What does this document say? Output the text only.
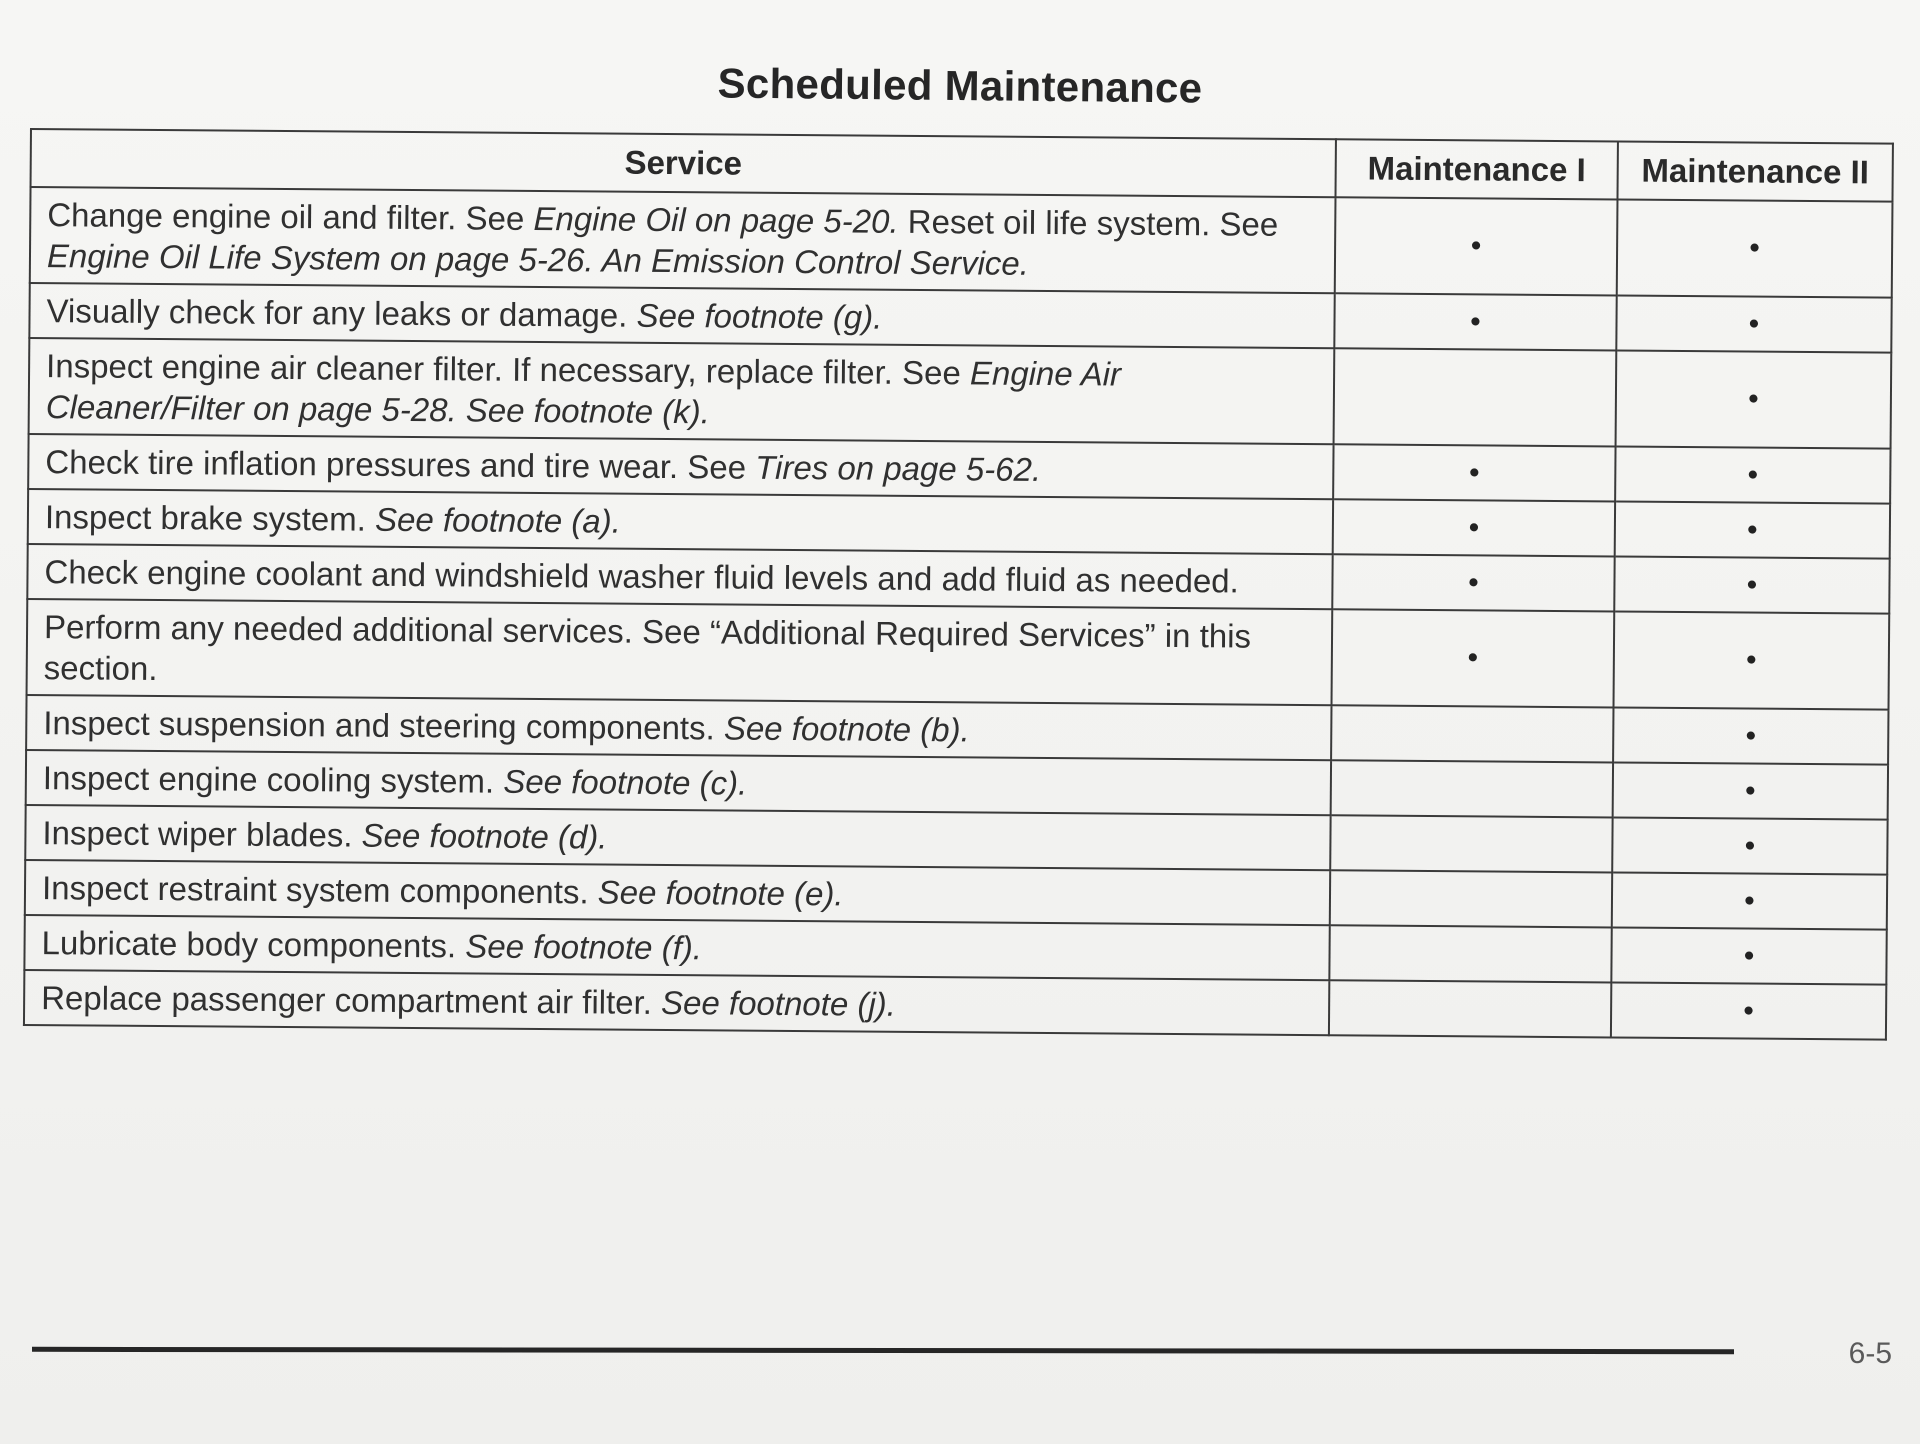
Scheduled Maintenance
Service	Maintenance I	Maintenance II
Change engine oil and filter. See Engine Oil on page 5-20. Reset oil life system. See Engine Oil Life System on page 5-26. An Emission Control Service.	•	•
Visually check for any leaks or damage. See footnote (g).	•	•
Inspect engine air cleaner filter. If necessary, replace filter. See Engine Air Cleaner/Filter on page 5-28. See footnote (k).		•
Check tire inflation pressures and tire wear. See Tires on page 5-62.	•	•
Inspect brake system. See footnote (a).	•	•
Check engine coolant and windshield washer fluid levels and add fluid as needed.	•	•
Perform any needed additional services. See “Additional Required Services” in this section.	•	•
Inspect suspension and steering components. See footnote (b).		•
Inspect engine cooling system. See footnote (c).		•
Inspect wiper blades. See footnote (d).		•
Inspect restraint system components. See footnote (e).		•
Lubricate body components. See footnote (f).		•
Replace passenger compartment air filter. See footnote (j).		•
6-5
